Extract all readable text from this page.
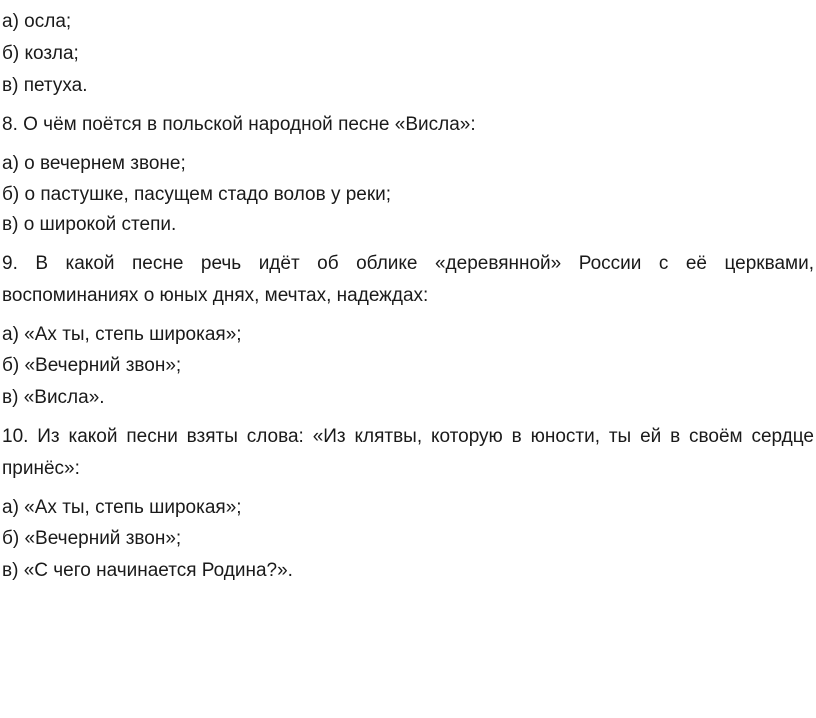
а) осла;
б) козла;
в) петуха.
8. О чём поётся в польской народной песне «Висла»:
а) о вечернем звоне;
б) о пастушке, пасущем стадо волов у реки;
в) о широкой степи.
9. В какой песне речь идёт об облике «деревянной» России с её церквами,
воспоминаниях о юных днях, мечтах, надеждах:
а) «Ах ты, степь широкая»;
б) «Вечерний звон»;
в) «Висла».
10. Из какой песни взяты слова: «Из клятвы, которую в юности, ты ей в своём сердце
принёс»:
а) «Ах ты, степь широкая»;
б) «Вечерний звон»;
в) «С чего начинается Родина?».
